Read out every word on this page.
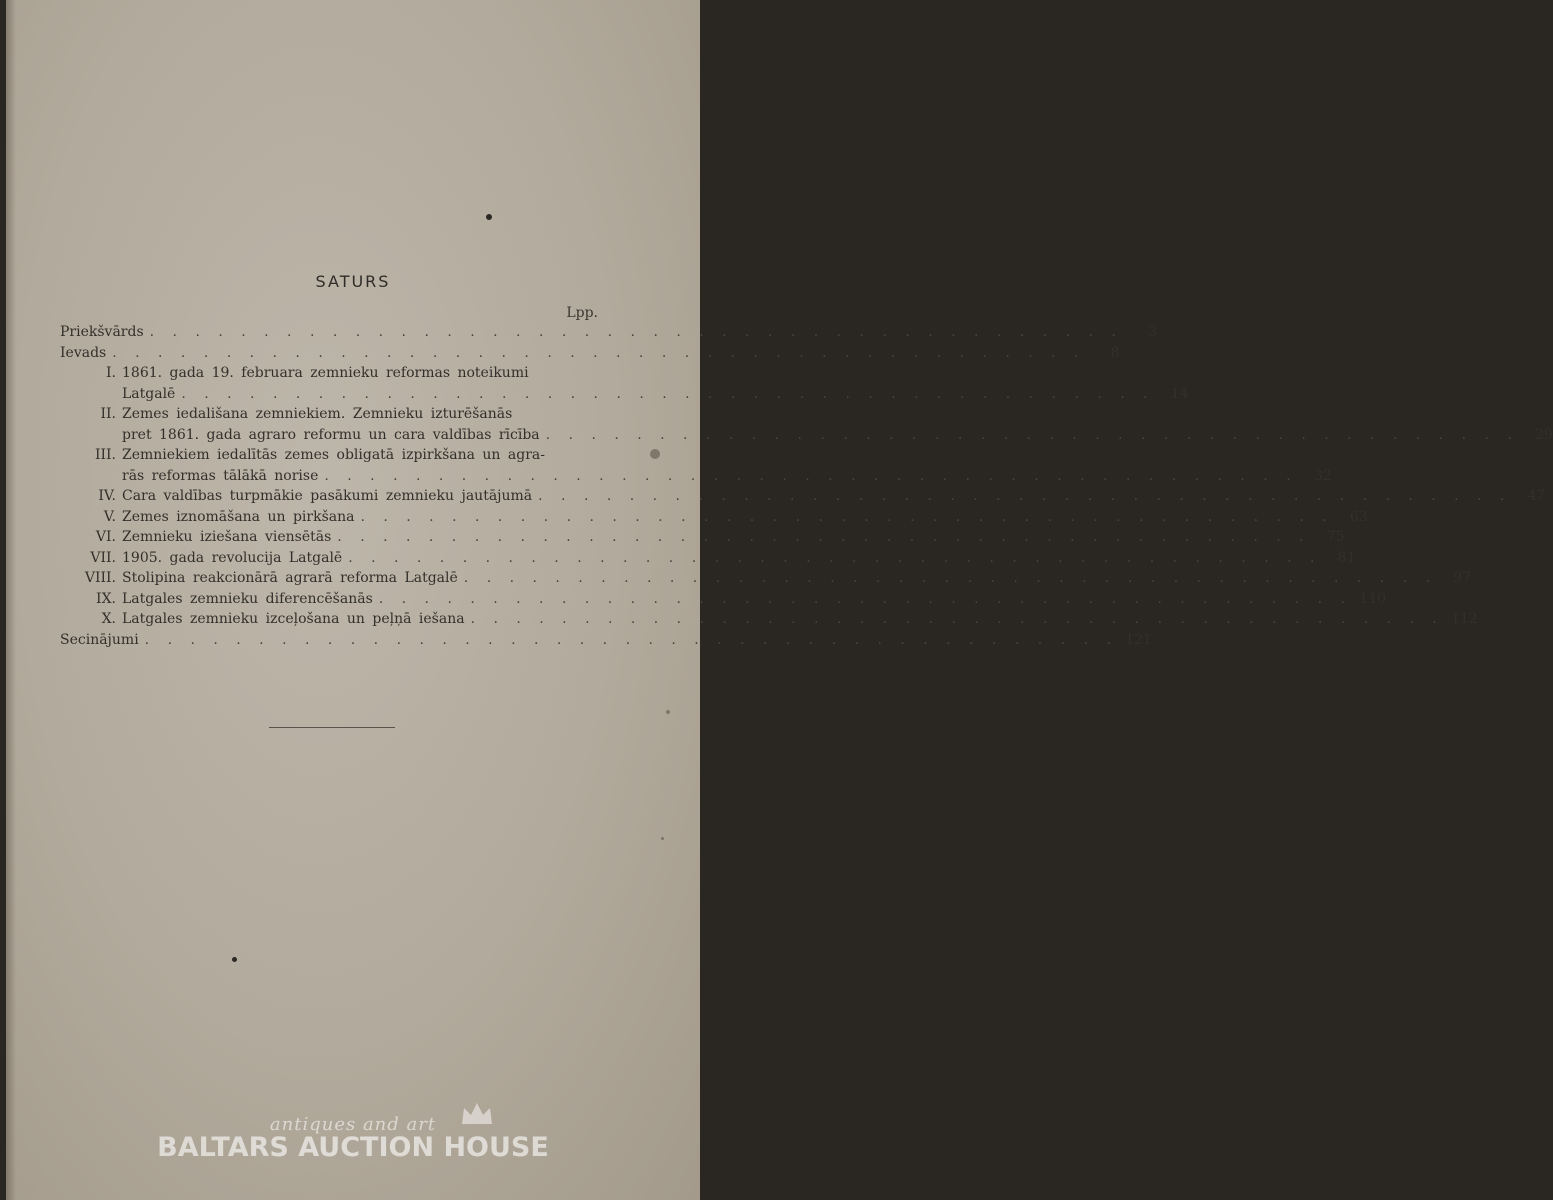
SATURS
Lpp.
Priekšvārds . . . . . . . . . . . . . . . . . . . . . . . . . . . . . . . . . . . . . . . . . . .	3
Ievads . . . . . . . . . . . . . . . . . . . . . . . . . . . . . . . . . . . . . . . . . . .	8
I. 1861. gada 19. februara zemnieku reformas noteikumi
Latgalē . . . . . . . . . . . . . . . . . . . . . . . . . . . . . . . . . . . . . . . . . . .	14
II. Zemes iedališana zemniekiem. Zemnieku izturēšanās
pret 1861. gada agraro reformu un cara valdības rīcība . . . . . . . . . . . . . . . . . . . . . . . . . . . . . . . . . . . . . . . . . . .	29
III. Zemniekiem iedalītās zemes obligatā izpirkšana un agra-
rās reformas tālākā norise . . . . . . . . . . . . . . . . . . . . . . . . . . . . . . . . . . . . . . . . . . .	32
IV. Cara valdības turpmākie pasākumi zemnieku jautājumā . . . . . . . . . . . . . . . . . . . . . . . . . . . . . . . . . . . . . . . . . . .	47
V. Zemes iznomāšana un pirkšana . . . . . . . . . . . . . . . . . . . . . . . . . . . . . . . . . . . . . . . . . . .	63
VI. Zemnieku iziešana viensētās . . . . . . . . . . . . . . . . . . . . . . . . . . . . . . . . . . . . . . . . . . .	75
VII. 1905. gada revolucija Latgalē . . . . . . . . . . . . . . . . . . . . . . . . . . . . . . . . . . . . . . . . . . .	81
VIII. Stolipina reakcionārā agrarā reforma Latgalē . . . . . . . . . . . . . . . . . . . . . . . . . . . . . . . . . . . . . . . . . . .	97
IX. Latgales zemnieku diferencēšanās . . . . . . . . . . . . . . . . . . . . . . . . . . . . . . . . . . . . . . . . . . . 110
X. Latgales zemnieku izceļošana un peļņā iešana . . . . . . . . . . . . . . . . . . . . . . . . . . . . . . . . . . . . . . . . . . . 112
Secinājumi . . . . . . . . . . . . . . . . . . . . . . . . . . . . . . . . . . . . . . . . . . . 121
antiques and art
BALTARS AUCTION HOUSE
